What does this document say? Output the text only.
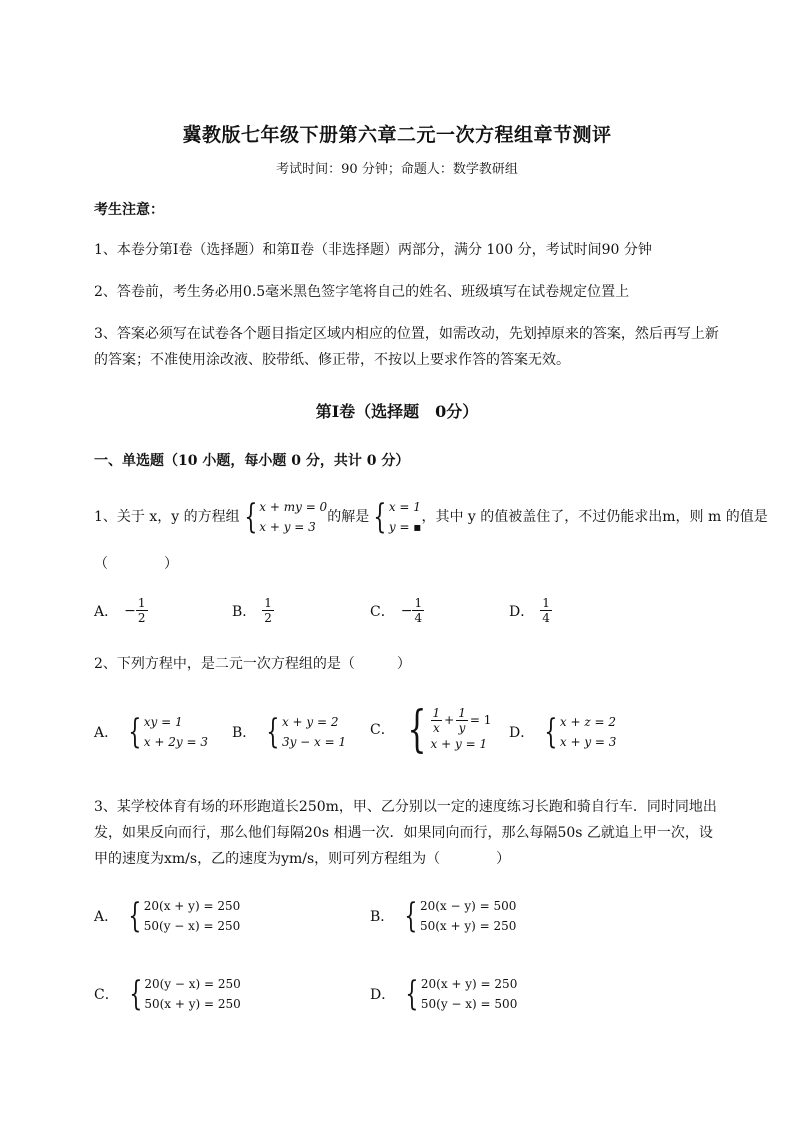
冀教版七年级下册第六章二元一次方程组章节测评
考试时间：90 分钟；命题人：数学教研组
考生注意：
1、本卷分第Ⅰ卷（选择题）和第Ⅱ卷（非选择题）两部分，满分 100 分，考试时间90 分钟
2、答卷前，考生务必用0.5毫米黑色签字笔将自己的姓名、班级填写在试卷规定位置上
3、答案必须写在试卷各个题目指定区域内相应的位置，如需改动，先划掉原来的答案，然后再写上新
的答案；不准使用涂改液、胶带纸、修正带，不按以上要求作答的答案无效。
第Ⅰ卷（选择题　0分）
一、单选题（10 小题，每小题 0 分，共计 0 分）
1、关于 x，y 的方程组 { x + my = 0
x + y = 3
的解是 { x = 1
y = ▪
，其中 y 的值被盖住了，不过仍能求出m，则 m 的值是
（　　　　）
A． − $\frac{1}{2}$	B． $\frac{1}{2}$	C． − $\frac{1}{4}$	D． $\frac{1}{4}$
2、下列方程中，是二元一次方程组的是（　　　）
A． { xy = 1
x + 2y = 3
B． { x + y = 2
3y − x = 1
C． { $\frac{1}{x} + \frac{1}{y} = 1$
x + y = 1
D． { x + z = 2
x + y = 3
3、某学校体育有场的环形跑道长250m，甲、乙分别以一定的速度练习长跑和骑自行车．同时同地出
发，如果反向而行，那么他们每隔20s 相遇一次．如果同向而行，那么每隔50s 乙就追上甲一次，设
甲的速度为xm/s，乙的速度为ym/s，则可列方程组为（　　　　）
A． { 20(x + y) = 250
50(y − x) = 250
B． { 20(x − y) = 500
50(x + y) = 250
C． { 20(y − x) = 250
50(x + y) = 250
D． { 20(x + y) = 250
50(y − x) = 500
